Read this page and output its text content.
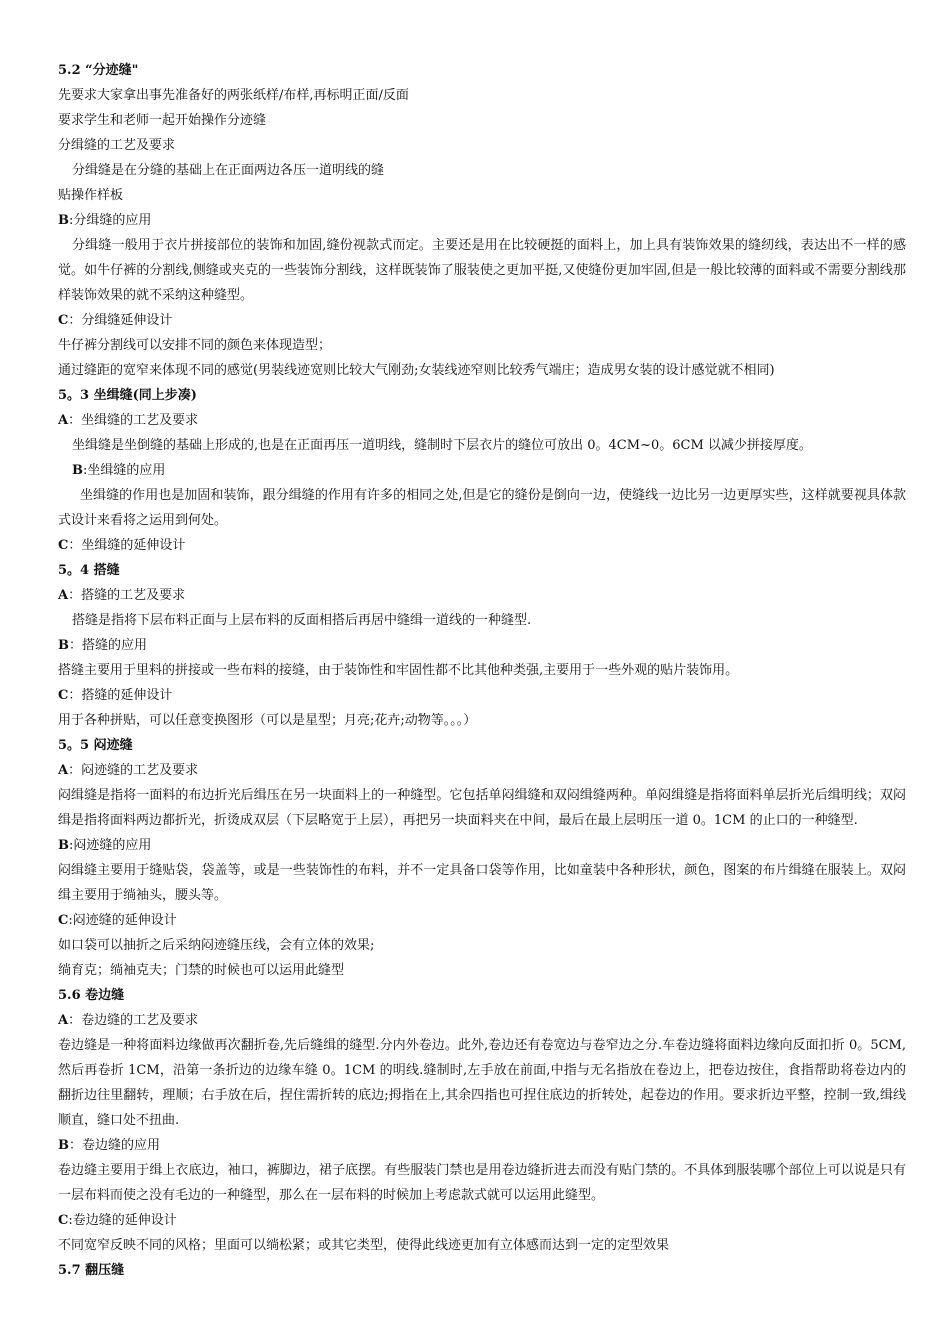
5.2 “分迹缝"
先要求大家拿出事先准备好的两张纸样/布样,再标明正面/反面
要求学生和老师一起开始操作分迹缝
分缉缝的工艺及要求
分缉缝是在分缝的基础上在正面两边各压一道明线的缝
贴操作样板
B:分缉缝的应用
分缉缝一般用于衣片拼接部位的装饰和加固,缝份视款式而定。主要还是用在比较硬挺的面料上，加上具有装饰效果的缝纫线，表达出不一样的感觉。如牛仔裤的分割线,侧缝或夹克的一些装饰分割线，这样既装饰了服装使之更加平挺,又使缝份更加牢固,但是一般比较薄的面料或不需要分割线那样装饰效果的就不采纳这种缝型。
C：分缉缝延伸设计
牛仔裤分割线可以安排不同的颜色来体现造型；
通过缝距的宽窄来体现不同的感觉(男装线迹宽则比较大气刚劲;女装线迹窄则比较秀气端庄；造成男女装的设计感觉就不相同)
5。3 坐缉缝(同上步凑)
A：坐缉缝的工艺及要求
坐缉缝是坐倒缝的基础上形成的,也是在正面再压一道明线，缝制时下层衣片的缝位可放出 0。4CM~0。6CM 以减少拼接厚度。
B:坐缉缝的应用
坐缉缝的作用也是加固和装饰，跟分缉缝的作用有许多的相同之处,但是它的缝份是倒向一边，使缝线一边比另一边更厚实些，这样就要视具体款式设计来看将之运用到何处。
C：坐缉缝的延伸设计
5。4 搭缝
A：搭缝的工艺及要求
搭缝是指将下层布料正面与上层布料的反面相搭后再居中缝缉一道线的一种缝型.
B：搭缝的应用
搭缝主要用于里料的拼接或一些布料的接缝，由于装饰性和牢固性都不比其他种类强,主要用于一些外观的贴片装饰用。
C：搭缝的延伸设计
用于各种拼贴，可以任意变换图形（可以是星型；月亮;花卉;动物等。。。）
5。5 闷迹缝
A：闷迹缝的工艺及要求
闷缉缝是指将一面料的布边折光后缉压在另一块面料上的一种缝型。它包括单闷缉缝和双闷缉缝两种。单闷缉缝是指将面料单层折光后缉明线；双闷缉是指将面料两边都折光，折烫成双层（下层略宽于上层），再把另一块面料夹在中间，最后在最上层明压一道 0。1CM 的止口的一种缝型.
B:闷迹缝的应用
闷缉缝主要用于缝贴袋，袋盖等，或是一些装饰性的布料，并不一定具备口袋等作用，比如童装中各种形状，颜色，图案的布片缉缝在服装上。双闷缉主要用于绱袖头，腰头等。
C:闷迹缝的延伸设计
如口袋可以抽折之后采纳闷迹缝压线，会有立体的效果;
绱育克；绱袖克夫；门禁的时候也可以运用此缝型
5.6 卷边缝
A：卷边缝的工艺及要求
卷边缝是一种将面料边缘做再次翻折卷,先后缝缉的缝型.分内外卷边。此外,卷边还有卷宽边与卷窄边之分.车卷边缝将面料边缘向反面扣折 0。5CM,然后再卷折 1CM，沿第一条折边的边缘车缝 0。1CM 的明线.缝制时,左手放在前面,中指与无名指放在卷边上，把卷边按住，食指帮助将卷边内的翻折边往里翻转，理顺；右手放在后，捏住需折转的底边;拇指在上,其余四指也可捏住底边的折转处，起卷边的作用。要求折边平整，控制一致,缉线顺直，缝口处不扭曲.
B：卷边缝的应用
卷边缝主要用于缉上衣底边，袖口，裤脚边，裙子底摆。有些服装门禁也是用卷边缝折进去而没有贴门禁的。不具体到服装哪个部位上可以说是只有一层布料而使之没有毛边的一种缝型，那么在一层布料的时候加上考虑款式就可以运用此缝型。
C:卷边缝的延伸设计
不同宽窄反映不同的风格；里面可以绱松紧；或其它类型，使得此线迹更加有立体感而达到一定的定型效果
5.7 翻压缝
